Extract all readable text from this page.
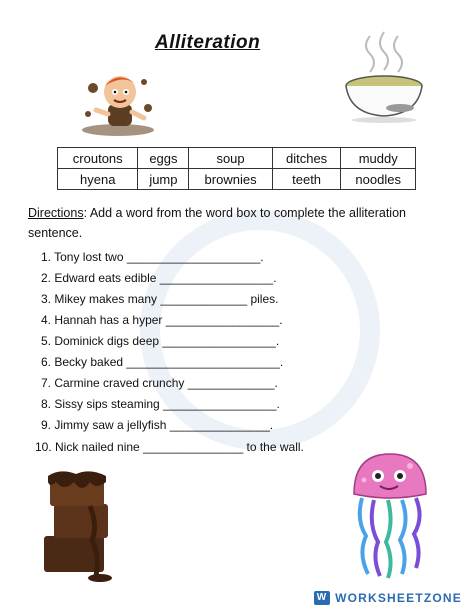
Alliteration
croutons	eggs	soup	ditches	muddy
hyena	jump	brownies	teeth	noodles
Directions: Add a word from the word box to complete the alliteration sentence.
1. Tony lost two ____________________.
2. Edward eats edible _________________.
3. Mikey makes many _____________ piles.
4. Hannah has a hyper _________________.
5. Dominick digs deep _________________.
6. Becky baked _______________________.
7. Carmine craved crunchy _____________.
8. Sissy sips steaming _________________.
9. Jimmy saw a jellyfish _______________.
10. Nick nailed nine _______________ to the wall.
W WORKSHEETZONE
